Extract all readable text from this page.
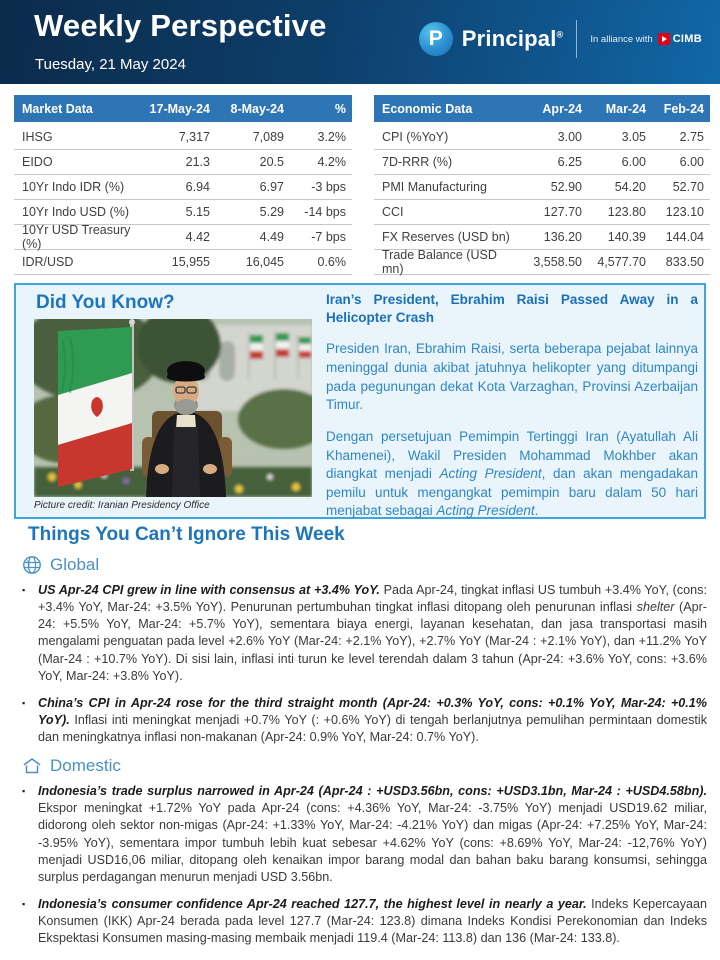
Weekly Perspective
Tuesday, 21 May 2024
P Principal®	In alliance with CIMB
Market Data	17-May-24	8-May-24	%
IHSG	7,317	7,089	3.2%
EIDO	21.3	20.5	4.2%
10Yr Indo IDR (%)	6.94	6.97	-3 bps
10Yr Indo USD (%)	5.15	5.29	-14 bps
10Yr USD Treasury (%)	4.42	4.49	-7 bps
IDR/USD	15,955	16,045	0.6%
Economic Data	Apr-24	Mar-24	Feb-24
CPI (%YoY)	3.00	3.05	2.75
7D-RRR (%)	6.25	6.00	6.00
PMI Manufacturing	52.90	54.20	52.70
CCI	127.70	123.80	123.10
FX Reserves (USD bn)	136.20	140.39	144.04
Trade Balance (USD mn)	3,558.50	4,577.70	833.50
Did You Know?
Picture credit: Iranian Presidency Office
Iran’s President, Ebrahim Raisi Passed Away in a Helicopter Crash
Presiden Iran, Ebrahim Raisi, serta beberapa pejabat lainnya meninggal dunia akibat jatuhnya helikopter yang ditumpangi pada pegunungan dekat Kota Varzaghan, Provinsi Azerbaijan Timur.
Dengan persetujuan Pemimpin Tertinggi Iran (Ayatullah Ali Khamenei), Wakil Presiden Mohammad Mokhber akan diangkat menjadi Acting President, dan akan mengadakan pemilu untuk mengangkat pemimpin baru dalam 50 hari menjabat sebagai Acting President.
Things You Can’t Ignore This Week
Global
▪	US Apr-24 CPI grew in line with consensus at +3.4% YoY. Pada Apr-24, tingkat inflasi US tumbuh +3.4% YoY, (cons: +3.4% YoY, Mar-24: +3.5% YoY). Penurunan pertumbuhan tingkat inflasi ditopang oleh penurunan inflasi shelter (Apr-24: +5.5% YoY, Mar-24: +5.7% YoY), sementara biaya energi, layanan kesehatan, dan jasa transportasi masih mengalami penguatan pada level +2.6% YoY (Mar-24: +2.1% YoY), +2.7% YoY (Mar-24 : +2.1% YoY), dan +11.2% YoY (Mar-24 : +10.7% YoY). Di sisi lain, inflasi inti turun ke level terendah dalam 3 tahun (Apr-24: +3.6% YoY, cons: +3.6% YoY, Mar-24: +3.8% YoY).
▪	China’s CPI in Apr-24 rose for the third straight month (Apr-24: +0.3% YoY, cons: +0.1% YoY, Mar-24: +0.1% YoY). Inflasi inti meningkat menjadi +0.7% YoY (: +0.6% YoY) di tengah berlanjutnya pemulihan permintaan domestik dan meningkatnya inflasi non-makanan (Apr-24: 0.9% YoY, Mar-24: 0.7% YoY).
Domestic
▪	Indonesia’s trade surplus narrowed in Apr-24 (Apr-24 : +USD3.56bn, cons: +USD3.1bn, Mar-24 : +USD4.58bn). Ekspor meningkat +1.72% YoY pada Apr-24 (cons: +4.36% YoY, Mar-24: -3.75% YoY) menjadi USD19.62 miliar, didorong oleh sektor non-migas (Apr-24: +1.33% YoY, Mar-24: -4.21% YoY) dan migas (Apr-24: +7.25% YoY, Mar-24: -3.95% YoY), sementara impor tumbuh lebih kuat sebesar +4.62% YoY (cons: +8.69% YoY, Mar-24: -12,76% YoY) menjadi USD16,06 miliar, ditopang oleh kenaikan impor barang modal dan bahan baku barang konsumsi, sehingga surplus perdagangan menurun menjadi USD 3.56bn.
▪	Indonesia’s consumer confidence Apr-24 reached 127.7, the highest level in nearly a year. Indeks Kepercayaan Konsumen (IKK) Apr-24 berada pada level 127.7 (Mar-24: 123.8) dimana Indeks Kondisi Perekonomian dan Indeks Ekspektasi Konsumen masing-masing membaik menjadi 119.4 (Mar-24: 113.8) dan 136 (Mar-24: 133.8).
